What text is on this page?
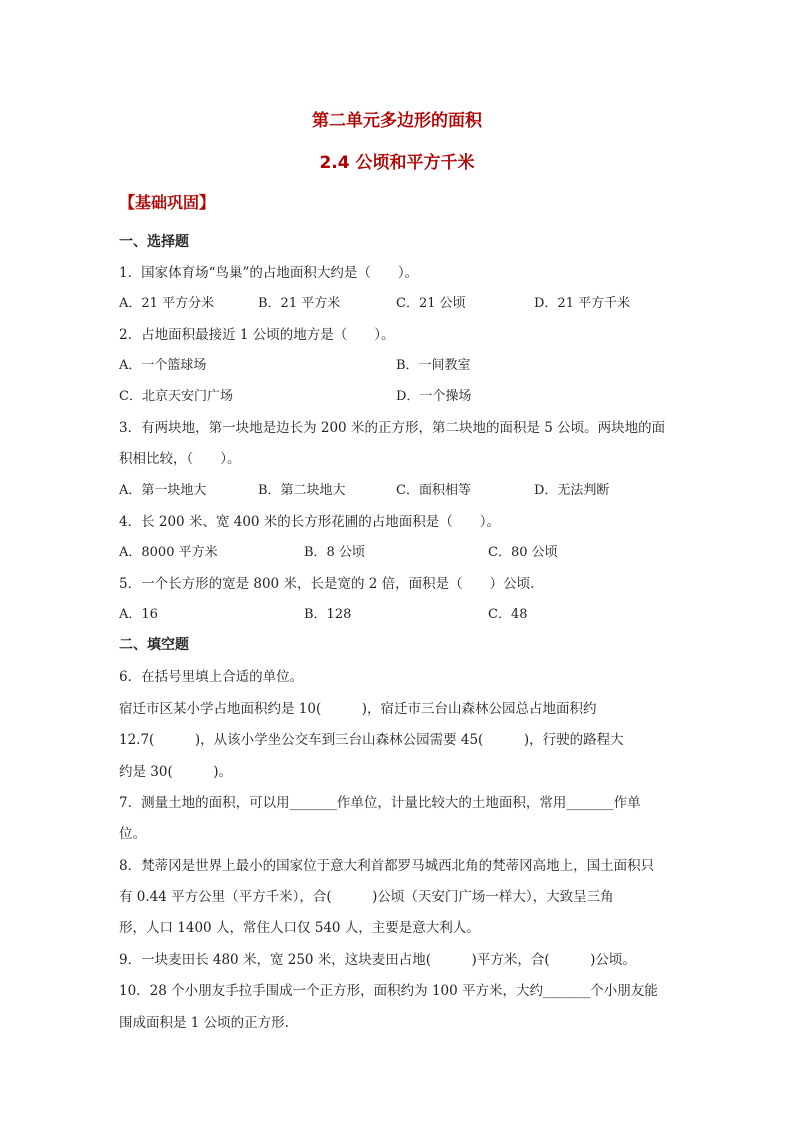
第二单元多边形的面积
2.4 公顷和平方千米
【基础巩固】
一、选择题
1．国家体育场“鸟巢”的占地面积大约是（　　）。
A．21 平方分米	B．21 平方米	C．21 公顷	D．21 平方千米
2．占地面积最接近 1 公顷的地方是（　　）。
A．一个篮球场	B．一间教室
C．北京天安门广场	D．一个操场
3．有两块地，第一块地是边长为 200 米的正方形，第二块地的面积是 5 公顷。两块地的面
积相比较，（　　）。
A．第一块地大	B．第二块地大	C．面积相等	D．无法判断
4．长 200 米、宽 400 米的长方形花圃的占地面积是（　　）。
A．8000 平方米	B．8 公顷	C．80 公顷
5．一个长方形的宽是 800 米，长是宽的 2 倍，面积是（　　）公顷．
A．16	B．128	C．48
二、填空题
6．在括号里填上合适的单位。
宿迁市区某小学占地面积约是 10(　　　)，宿迁市三台山森林公园总占地面积约
12.7(　　　)，从该小学坐公交车到三台山森林公园需要 45(　　　)，行驶的路程大
约是 30(　　　)。
7．测量土地的面积，可以用_______作单位，计量比较大的土地面积，常用_______作单
位。
8．梵蒂冈是世界上最小的国家位于意大利首都罗马城西北角的梵蒂冈高地上，国土面积只
有 0.44 平方公里（平方千米），合(　　　)公顷（天安门广场一样大），大致呈三角
形，人口 1400 人，常住人口仅 540 人，主要是意大利人。
9．一块麦田长 480 米，宽 250 米，这块麦田占地(　　　)平方米，合(　　　)公顷。
10．28 个小朋友手拉手围成一个正方形，面积约为 100 平方米，大约_______个小朋友能
围成面积是 1 公顷的正方形.
